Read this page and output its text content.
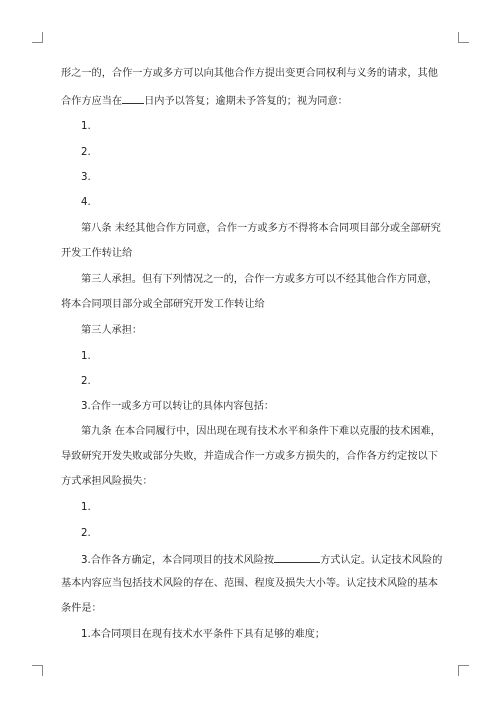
形之一的，合作一方或多方可以向其他合作方提出变更合同权利与义务的请求，其他
合作方应当在 日内予以答复；逾期未予答复的；视为同意：
1.
2.
3.
4.
第八条 未经其他合作方同意，合作一方或多方不得将本合同项目部分或全部研究
开发工作转让给
第三人承担。但有下列情况之一的，合作一方或多方可以不经其他合作方同意，
将本合同项目部分或全部研究开发工作转让给
第三人承担：
1.
2.
3.合作一或多方可以转让的具体内容包括：
第九条 在本合同履行中，因出现在现有技术水平和条件下难以克服的技术困难，
导致研究开发失败或部分失败，并造成合作一方或多方损失的，合作各方约定按以下
方式承担风险损失：
1.
2.
3.合作各方确定，本合同项目的技术风险按	方式认定。认定技术风险的
基本内容应当包括技术风险的存在、范围、程度及损失大小等。认定技术风险的基本
条件是：
1.本合同项目在现有技术水平条件下具有足够的难度；
